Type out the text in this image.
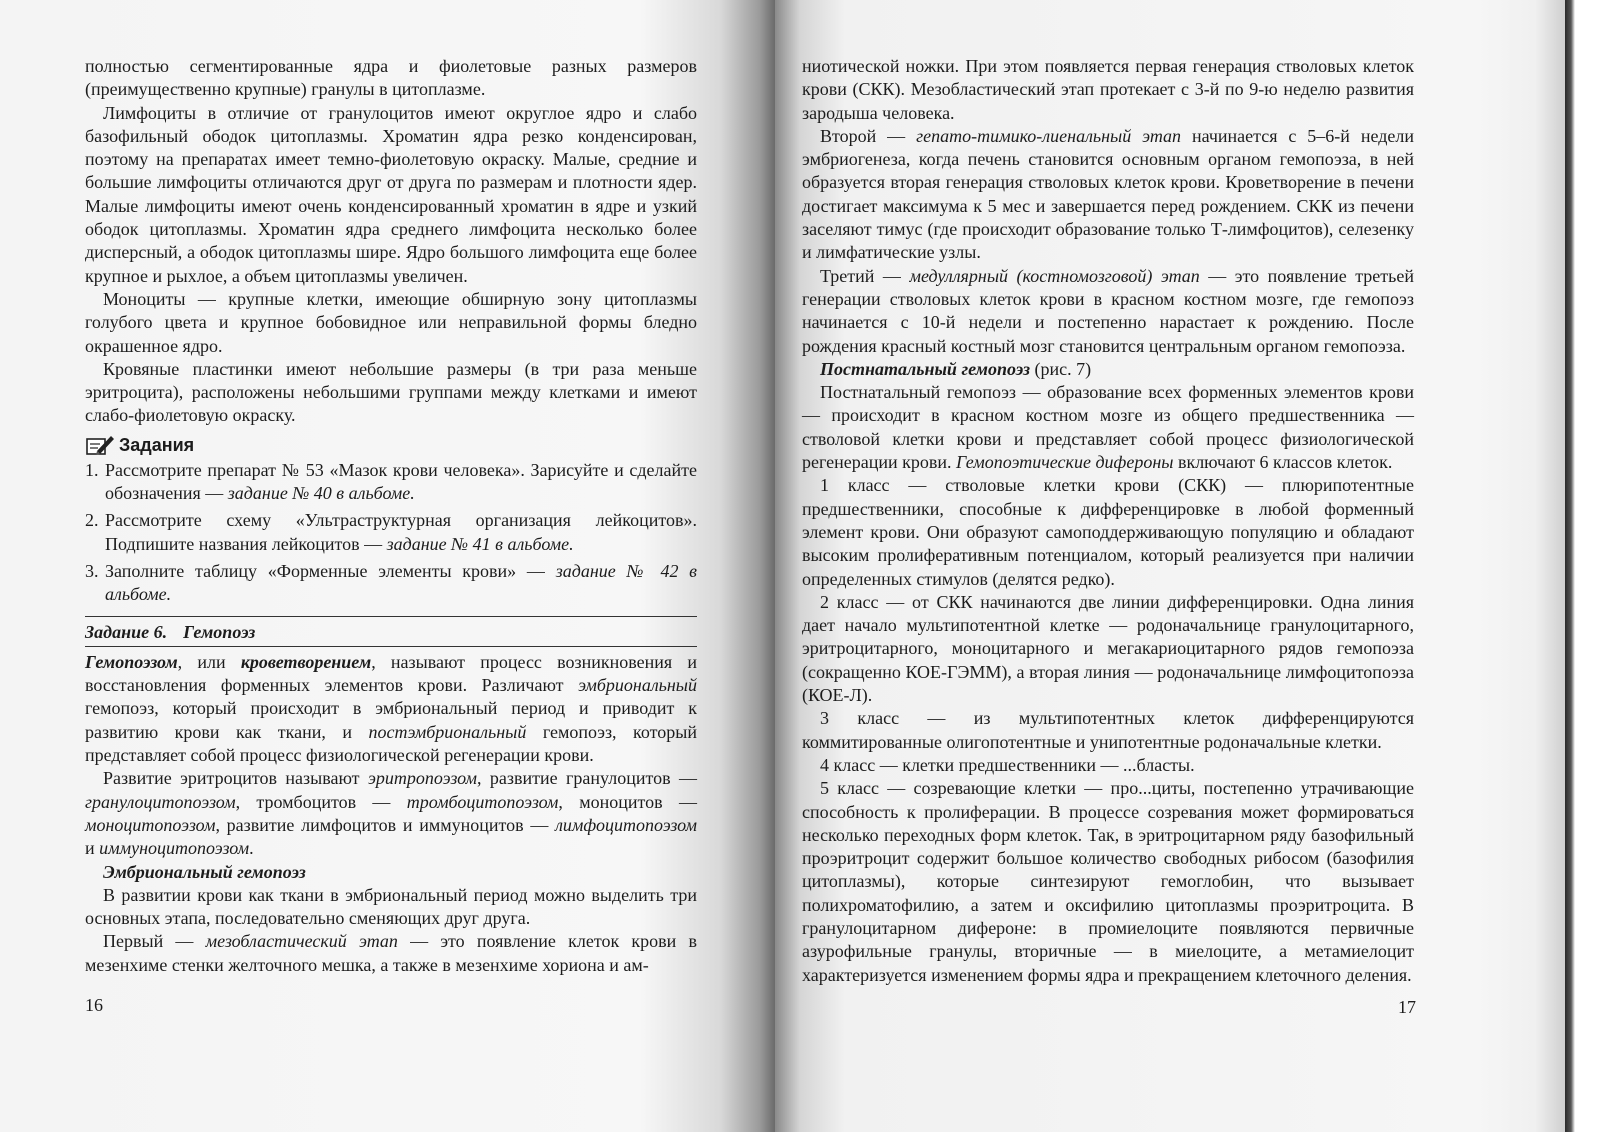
полностью сегментированные ядра и фиолетовые разных размеров (преимущественно крупные) гранулы в цитоплазме.

Лимфоциты в отличие от гранулоцитов имеют округлое ядро и слабо базофильный ободок цитоплазмы. Хроматин ядра резко конденсирован, поэтому на препаратах имеет темно-фиолетовую окраску. Малые, средние и большие лимфоциты отличаются друг от друга по размерам и плотности ядер. Малые лимфоциты имеют очень конденсированный хроматин в ядре и узкий ободок цитоплазмы. Хроматин ядра среднего лимфоцита несколько более дисперсный, а ободок цитоплазмы шире. Ядро большого лимфоцита еще более крупное и рыхлое, а объем цитоплазмы увеличен.

Моноциты — крупные клетки, имеющие обширную зону цитоплазмы голубого цвета и крупное бобовидное или неправильной формы бледно окрашенное ядро.

Кровяные пластинки имеют небольшие размеры (в три раза меньше эритроцита), расположены небольшими группами между клетками и имеют слабо-фиолетовую окраску.

Задания
1. Рассмотрите препарат № 53 «Мазок крови человека». Зарисуйте и сделайте обозначения — задание № 40 в альбоме.
2. Рассмотрите схему «Ультраструктурная организация лейкоцитов». Подпишите названия лейкоцитов — задание № 41 в альбоме.
3. Заполните таблицу «Форменные элементы крови» — задание № 42 в альбоме.
Задание 6. Гемопоэз

Гемопоэзом, или кроветворением, называют процесс возникновения и восстановления форменных элементов крови. Различают эмбриональный гемопоэз, который происходит в эмбриональный период и приводит к развитию крови как ткани, и постэмбриональный гемопоэз, который представляет собой процесс физиологической регенерации крови.

Развитие эритроцитов называют эритропоэзом, развитие гранулоцитов — гранулоцитопоэзом, тромбоцитов — тромбоцитопоэзом, моноцитов — моноцитопоэзом, развитие лимфоцитов и иммуноцитов — лимфоцитопоэзом и иммуноцитопоэзом.

Эмбриональный гемопоэз

В развитии крови как ткани в эмбриональный период можно выделить три основных этапа, последовательно сменяющих друг друга.

Первый — мезобластический этап — это появление клеток крови в мезенхиме стенки желточного мешка, а также в мезенхиме хориона и ам-

16

ниотической ножки. При этом появляется первая генерация стволовых клеток крови (СКК). Мезобластический этап протекает с 3-й по 9-ю неделю развития зародыша человека.

Второй — гепато-тимико-лиенальный этап начинается с 5–6-й недели эмбриогенеза, когда печень становится основным органом гемопоэза, в ней образуется вторая генерация стволовых клеток крови. Кроветворение в печени достигает максимума к 5 мес и завершается перед рождением. СКК из печени заселяют тимус (где происходит образование только Т-лимфоцитов), селезенку и лимфатические узлы.

Третий — медуллярный (костномозговой) этап — это появление третьей генерации стволовых клеток крови в красном костном мозге, где гемопоэз начинается с 10-й недели и постепенно нарастает к рождению. После рождения красный костный мозг становится центральным органом гемопоэза.

Постнатальный гемопоэз (рис. 7)

Постнатальный гемопоэз — образование всех форменных элементов крови — происходит в красном костном мозге из общего предшественника — стволовой клетки крови и представляет собой процесс физиологической регенерации крови. Гемопоэтические дифероны включают 6 классов клеток.

1 класс — стволовые клетки крови (СКК) — плюрипотентные предшественники, способные к дифференцировке в любой форменный элемент крови. Они образуют самоподдерживающую популяцию и обладают высоким пролиферативным потенциалом, который реализуется при наличии определенных стимулов (делятся редко).

2 класс — от СКК начинаются две линии дифференцировки. Одна линия дает начало мультипотентной клетке — родоначальнице гранулоцитарного, эритроцитарного, моноцитарного и мегакариоцитарного рядов гемопоэза (сокращенно КОЕ-ГЭММ), а вторая линия — родоначальнице лимфоцитопоэза (КОЕ-Л).

3 класс — из мультипотентных клеток дифференцируются коммитированные олигопотентные и унипотентные родоначальные клетки.

4 класс — клетки предшественники — ...бласты.

5 класс — созревающие клетки — про...циты, постепенно утрачивающие способность к пролиферации. В процессе созревания может формироваться несколько переходных форм клеток. Так, в эритроцитарном ряду базофильный проэритроцит содержит большое количество свободных рибосом (базофилия цитоплазмы), которые синтезируют гемоглобин, что вызывает полихроматофилию, а затем и оксифилию цитоплазмы проэритроцита. В гранулоцитарном дифероне: в промиелоците появляются первичные азурофильные гранулы, вторичные — в миелоците, а метамиелоцит характеризуется изменением формы ядра и прекращением клеточного деления.

17
